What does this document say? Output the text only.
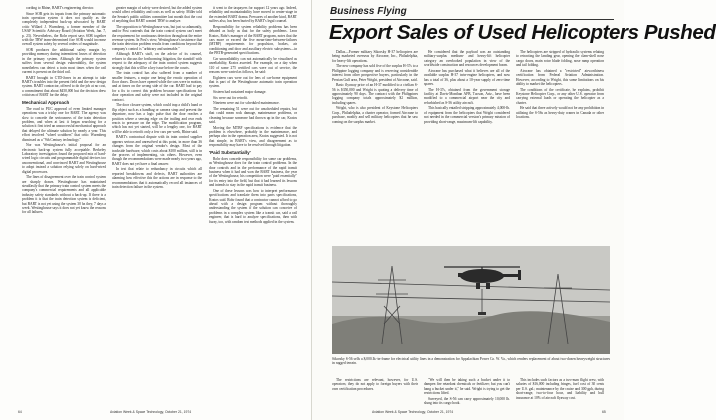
cording to Rhine, BART's engineering director.

Since SOR gets its inputs from the primary automatic train operation system it does not qualify as the completely independent back-up advocated by BART critic Willard J. Wurmberg, a former member of the USAF Scientific Advisory Board (Aviation Week, Jan. 7, p. 23). Nevertheless, the Rohr report says SOR together with the TRW team-determined fixe SOR would increase overall system safety by several orders of magnitude.

SOR produces the additional safety margin by providing memory during intermittent losses of detection in the primary system. Although the primary system suffers from several design vulnerability, the system nonetheless can detect a train most times when the rail current is present on the third rail.

BART brought in CTD-Jones in an attempt to take BART's troubles into the present field and the new design system. BART contractor, offered to do the job at no cost, a commitment that about $450,000 but the decision drew criticism of BART for the delay.

Mechanical Approach

The road to PUC approval of even limited manager operations was a tricky one for BART. The agency was slow to concede the seriousness of the train detection problem, and when at last it began searching for a solution it first tried an unsuccessful mechanical approach that delayed the ultimate solution by nearly a year. This effort involved "wheel scrubbers" that critic Wurmberg dismissed as a "9th Century technology."

Nor was Westinghouse's initial proposal for an electronic back-up system fully acceptable. Berkeley Laboratory investigators found the proposed mix of hard-wired logic circuits and programmable digital devices too unconventional, and convinced BART and Westinghouse to adopt instead a solution relying solely on hard-wired digital processors.

The lines of disagreement over the train control system are sharply drawn. Westinghouse has maintained steadfastly that the primary train control system meets the company's commercial requirements and all applicable industry safety standards without a back-up. If there is a problem it is that the train detection system is deficient, but BART is not yet using the system 30 hz they, 7 days a week. Westinghouse says it does not yet know the reasons for all failures.

greater margin of safety were desired, but the added system would affect reliability and costs as well as safety. Miller told the Senate's public utilities committee last month that the cost of anything that BART wanted TRW to analyze.

The opposition to Westinghouse was, but just so adamantly, and/or Post contends that the train control system can't meet the requirement for continuous detection throughout the entire revenue system. In Post's view, Westinghouse's insistence that the train detection problem results from conditions beyond the company's control is "arbitrary and untenable."

Although BART's staff, on the advice of its counsel, refuses to discuss the forthcoming litigation, the standoff with respect to the adequacy of the train control system suggests strongly that this will be a key issue before the courts.

The train control has also suffered from a number of smaller features, a major one being the erratic operation of floor doors. Doors have opened while the cars were in motion, and at times on the wrong side of the car. BART had to pay for a fix to correct this problem because specifications for door operation and safety were not included in the original contract.

The door closure system, which could trap a child's hand or flip object such as a handbag or camera strap and prevent the departure, now has a logic pulse that the door reaches a position where a sensing edge on the trailing and rear ends reacts to pressure on the edge. The modification program, which has not yet started, will be a lengthy one, for BART will be able to retrofit only a few cars per week, Rhine said.

BART's contractual dispute with its train control supplier appears serious and unresolved at this point, in more than 36 changes from the original vendor's design. Most of the trackside hardware, which costs about $100 million, still is in the process of implementing, six others. However, even though the recommendations were made nearly two years ago, BART does not yet have a final answer.

In test that relate to redundancy in circuits which all reported breakdowns and defects, BART authorities are alarming how effective this the actions are in response to the recommendations that it automatically record all instances of train detection failure in the system.

it went to the taxpayers for support 12 years ago. Indeed, reliability and maintainability have moved to center-stage in the extended BART drama. Pressures of another kind, BART suffers also, has been buried by BART's legal counsel.

Responsibility for system reliability problems has been debated as hotly as that for the safety problems. Leon Kratos, Rohr's manager of the BART program, notes that the cars more or exceed the five mean-time-between-failures (MTBF) requirements for propulsion, brakes, air conditioning and door and auxiliary electric subsystems—in the PRTB-generated specifications.

Car unavailability can not automatically be visualized as unreliability, Kratos asserted. For example, on a day when 110 of some 275 certified cars were out of service, the reasons were varied as follows, he said:

Eighteen cars were out for lens of car-borne equipment that is part of the Westinghouse automatic train operation system.

Sixteen had sustained major damage.

Six were out for retrofit.

Nineteen were out for scheduled maintenance.

The remaining 51 were out for unscheduled repairs, but that could mean rock damage, maintenance problems, or cleaning because someone had thrown up in the car, Kratos said.

Moving the MTBF specifications is evidence that the problem is elsewhere, probably in the maintenance, and perhaps also in the operation area, Kratos suggested. It is not that simple, in BART's view, and disagreement as to responsibility may have to be resolved through litigation.

'Paid Substantially'

Rohr does concede responsibility for some car problems, as Westinghouse does for the train control problems. In the door controls and in the performance of the rapid transit business when it had and won the BART business, the year of the Westinghouse, his competition were "paid essentially" for its entry into the field, but that it had learned its lessons and intends to stay in the rapid transit business.

One of these lessons was how to interpret performance specifications and translate them into parts specifications, Kratos said. Rohr found that a contractor cannot afford to go ahead with a design program without thoroughly understanding the system if the solution can conceive of problems in a complex system like a transit car, said a rail engineer, that is hard to analyze specifications, then with fuzzy, too, with random test methods applied in the system.

64	Aviation Week & Space Technology, October 21, 1974
Business Flying
Export Sales of Used Helicopters Pushed

Dallas—Former military Sikorsky H-37 helicopters are being marketed overseas by Aircrane, Inc., Philadelphia, for heavy-lift operations.

The new company has sold five of the surplus H-37s to a Philippine logging company and is reserving considerable interest from other prospective buyers, particularly in the Persian Gulf area, Peter Wright, president of Aircrane, said.

Basic flyaway price of an H-37 modified to a civilian S-56 is $350,000 and Wright is quoting a delivery time of approximately 90 days. The contract with the Philippines logging company totals approximately $2 million, including spares.

Wright, who is also president of Keystone Helicopters Corp., Philadelphia, a charter operator, formed Aircrane to purchase, modify and sell military helicopters that he saw coming on the surplus market.

He considered that the payload was an outstanding military-surplus medium- and heavy-lift helicopter category an overlooked population in view of the worldwide construction and resources development boom.

Aircrane has purchased what it believes are all of the available surplus H-37 twin-engine helicopters, and now has a total of 36, plus about a 10-year supply of zero-time spares.

The H-37s, obtained from the government storage facility at Davis-Monthan AFB, Tucson, Ariz., have been modified to a commercial airport near the city and refurbished as S-56 utility aircraft.

This basically entailed stripping approximately 4,000-lb. of equipment from the helicopters that Wright considered not needed in the commercial version's primary mission of providing short-range, maximum-lift capability.

The helicopters are stripped of hydraulic systems relating to retracting the landing gear, opening the clam-shell nose cargo doors, main rotor blade folding, nose ramp operation and tail folding.

Aircrane has obtained a "restricted" airworthiness certification from Federal Aviation Administration. However, according to Wright, this some limitations on his ability to market the helicopters.

The conditions of the certificate, he explains, prohibit Keystone Helicopter Corp., or any other U.S. operator from carrying external loads or operating the helicopter as a charter.

He said that three actively would not be any prohibition in utilizing the S-56s as heavy-duty cranes in Canada or other locations.

Sikorsky S-56 sells a $,000.lb.-in-frame for electrical utility lines in a demonstration for Appalachian Power Co. W. Va., which renders replacement of about two-dozen heavyweight structures in rugged terrain.

The restrictions are relevant, however, for U.S. operators; they do not apply to foreign buyers with their own certification procedures.

"We will then be taking such a bucket under it to dampen fire retardant chemicals or fertilizer; but you can't hang a bucket under it," he said. Wright is trying to get the restrictions lifted.

Surveyed, the S-56 can carry approximately 10,000 lb. slung into its cargo hook.

This includes such factors as a two-man flight crew, with salaries of $16,000 including fringes, fuel cost of 30 cents per U.S. gal.; maintenance by the cruise and 300 gph, during short-range, two-to-four hour, and liability and hull insurance at 10% of aircraft flyaway cost.

Aviation Week & Space Technology, October 21, 1974	65
